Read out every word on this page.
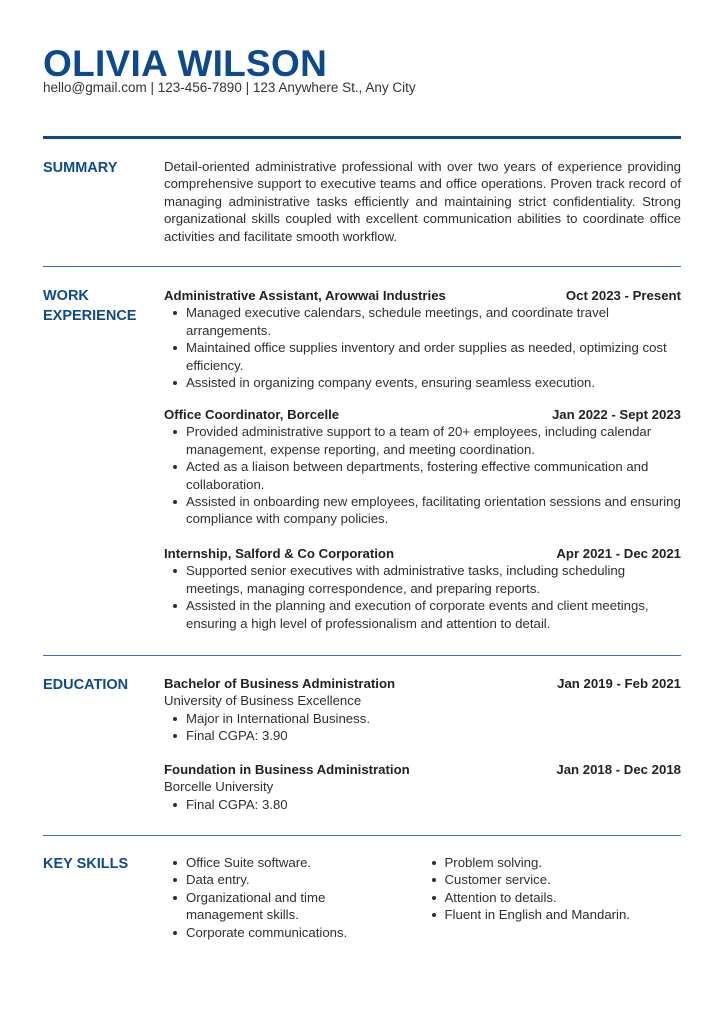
OLIVIA WILSON
hello@gmail.com | 123-456-7890 | 123 Anywhere St., Any City
SUMMARY	Detail-oriented administrative professional with over two years of experience providing comprehensive support to executive teams and office operations. Proven track record of managing administrative tasks efficiently and maintaining strict confidentiality. Strong organizational skills coupled with excellent communication abilities to coordinate office activities and facilitate smooth workflow.

WORK
EXPERIENCE
Administrative Assistant, Arowwai Industries	Oct 2023 - Present
Managed executive calendars, schedule meetings, and coordinate travel arrangements.
Maintained office supplies inventory and order supplies as needed, optimizing cost efficiency.
Assisted in organizing company events, ensuring seamless execution.
Office Coordinator, Borcelle	Jan 2022 - Sept 2023
Provided administrative support to a team of 20+ employees, including calendar management, expense reporting, and meeting coordination.
Acted as a liaison between departments, fostering effective communication and collaboration.
Assisted in onboarding new employees, facilitating orientation sessions and ensuring compliance with company policies.
Internship, Salford & Co Corporation	Apr 2021 - Dec 2021
Supported senior executives with administrative tasks, including scheduling meetings, managing correspondence, and preparing reports.
Assisted in the planning and execution of corporate events and client meetings, ensuring a high level of professionalism and attention to detail.
EDUCATION	Bachelor of Business Administration	Jan 2019 - Feb 2021

University of Business Excellence

Major in International Business.
Final CGPA: 3.90
Foundation in Business Administration	Jan 2018 - Dec 2018

Borcelle University

Final CGPA: 3.80
KEY SKILLS	Office Suite software.
Data entry.
Organizational and time management skills.
Corporate communications.
Problem solving.
Customer service.
Attention to details.
Fluent in English and Mandarin.
